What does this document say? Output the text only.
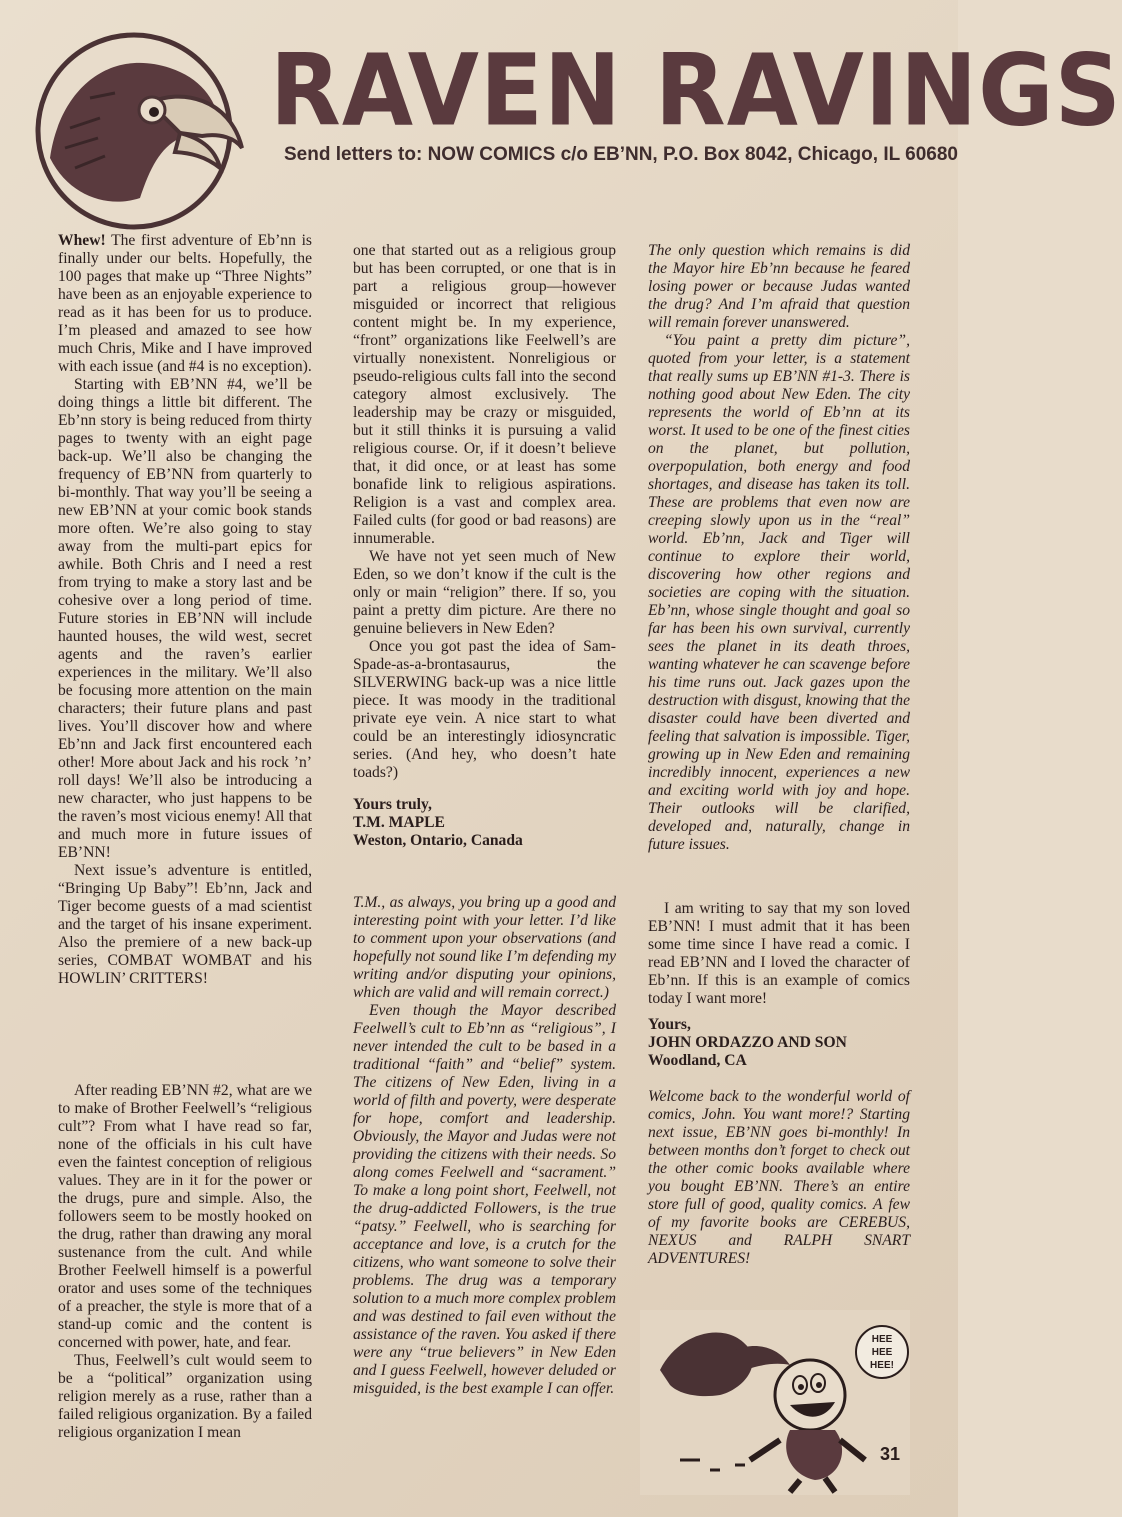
RAVEN RAVINGS
Send letters to: NOW COMICS c/o EB’NN, P.O. Box 8042, Chicago, IL 60680

Whew! The first adventure of Eb’nn is finally under our belts. Hopefully, the 100 pages that make up “Three Nights” have been as an enjoyable experience to read as it has been for us to produce. I’m pleased and amazed to see how much Chris, Mike and I have improved with each issue (and #4 is no exception).

Starting with EB’NN #4, we’ll be doing things a little bit different. The Eb’nn story is being reduced from thirty pages to twenty with an eight page back-up. We’ll also be changing the frequency of EB’NN from quarterly to bi-monthly. That way you’ll be seeing a new EB’NN at your comic book stands more often. We’re also going to stay away from the multi-part epics for awhile. Both Chris and I need a rest from trying to make a story last and be cohesive over a long period of time. Future stories in EB’NN will include haunted houses, the wild west, secret agents and the raven’s earlier experiences in the military. We’ll also be focusing more attention on the main characters; their future plans and past lives. You’ll discover how and where Eb’nn and Jack first encountered each other! More about Jack and his rock ’n’ roll days! We’ll also be introducing a new character, who just happens to be the raven’s most vicious enemy! All that and much more in future issues of EB’NN!

Next issue’s adventure is entitled, “Bringing Up Baby”! Eb’nn, Jack and Tiger become guests of a mad scientist and the target of his insane experiment. Also the premiere of a new back-up series, COMBAT WOMBAT and his HOWLIN’ CRITTERS!

After reading EB’NN #2, what are we to make of Brother Feelwell’s “religious cult”? From what I have read so far, none of the officials in his cult have even the faintest conception of religious values. They are in it for the power or the drugs, pure and simple. Also, the followers seem to be mostly hooked on the drug, rather than drawing any moral sustenance from the cult. And while Brother Feelwell himself is a powerful orator and uses some of the techniques of a preacher, the style is more that of a stand-up comic and the content is concerned with power, hate, and fear.

Thus, Feelwell’s cult would seem to be a “political” organization using religion merely as a ruse, rather than a failed religious organization. By a failed religious organization I mean

one that started out as a religious group but has been corrupted, or one that is in part a religious group—however misguided or incorrect that religious content might be. In my experience, “front” organizations like Feelwell’s are virtually nonexistent. Nonreligious or pseudo-religious cults fall into the second category almost exclusively. The leadership may be crazy or misguided, but it still thinks it is pursuing a valid religious course. Or, if it doesn’t believe that, it did once, or at least has some bonafide link to religious aspirations. Religion is a vast and complex area. Failed cults (for good or bad reasons) are innumerable.

We have not yet seen much of New Eden, so we don’t know if the cult is the only or main “religion” there. If so, you paint a pretty dim picture. Are there no genuine believers in New Eden?

Once you got past the idea of Sam-Spade-as-a-brontasaurus, the SILVERWING back-up was a nice little piece. It was moody in the traditional private eye vein. A nice start to what could be an interestingly idiosyncratic series. (And hey, who doesn’t hate toads?)

Yours truly,
T.M. MAPLE
Weston, Ontario, Canada

T.M., as always, you bring up a good and interesting point with your letter. I’d like to comment upon your observations (and hopefully not sound like I’m defending my writing and/or disputing your opinions, which are valid and will remain correct.)

Even though the Mayor described Feelwell’s cult to Eb’nn as “religious”, I never intended the cult to be based in a traditional “faith” and “belief” system. The citizens of New Eden, living in a world of filth and poverty, were desperate for hope, comfort and leadership. Obviously, the Mayor and Judas were not providing the citizens with their needs. So along comes Feelwell and “sacrament.” To make a long point short, Feelwell, not the drug-addicted Followers, is the true “patsy.” Feelwell, who is searching for acceptance and love, is a crutch for the citizens, who want someone to solve their problems. The drug was a temporary solution to a much more complex problem and was destined to fail even without the assistance of the raven. You asked if there were any “true believers” in New Eden and I guess Feelwell, however deluded or misguided, is the best example I can offer.

The only question which remains is did the Mayor hire Eb’nn because he feared losing power or because Judas wanted the drug? And I’m afraid that question will remain forever unanswered.

“You paint a pretty dim picture”, quoted from your letter, is a statement that really sums up EB’NN #1-3. There is nothing good about New Eden. The city represents the world of Eb’nn at its worst. It used to be one of the finest cities on the planet, but pollution, overpopulation, both energy and food shortages, and disease has taken its toll. These are problems that even now are creeping slowly upon us in the “real” world. Eb’nn, Jack and Tiger will continue to explore their world, discovering how other regions and societies are coping with the situation. Eb’nn, whose single thought and goal so far has been his own survival, currently sees the planet in its death throes, wanting whatever he can scavenge before his time runs out. Jack gazes upon the destruction with disgust, knowing that the disaster could have been diverted and feeling that salvation is impossible. Tiger, growing up in New Eden and remaining incredibly innocent, experiences a new and exciting world with joy and hope. Their outlooks will be clarified, developed and, naturally, change in future issues.

I am writing to say that my son loved EB’NN! I must admit that it has been some time since I have read a comic. I read EB’NN and I loved the character of Eb’nn. If this is an example of comics today I want more!

Yours,
JOHN ORDAZZO AND SON
Woodland, CA

Welcome back to the wonderful world of comics, John. You want more!? Starting next issue, EB’NN goes bi-monthly! In between months don’t forget to check out the other comic books available where you bought EB’NN. There’s an entire store full of good, quality comics. A few of my favorite books are CEREBUS, NEXUS and RALPH SNART ADVENTURES!

HEE
HEE
HEE!
31
